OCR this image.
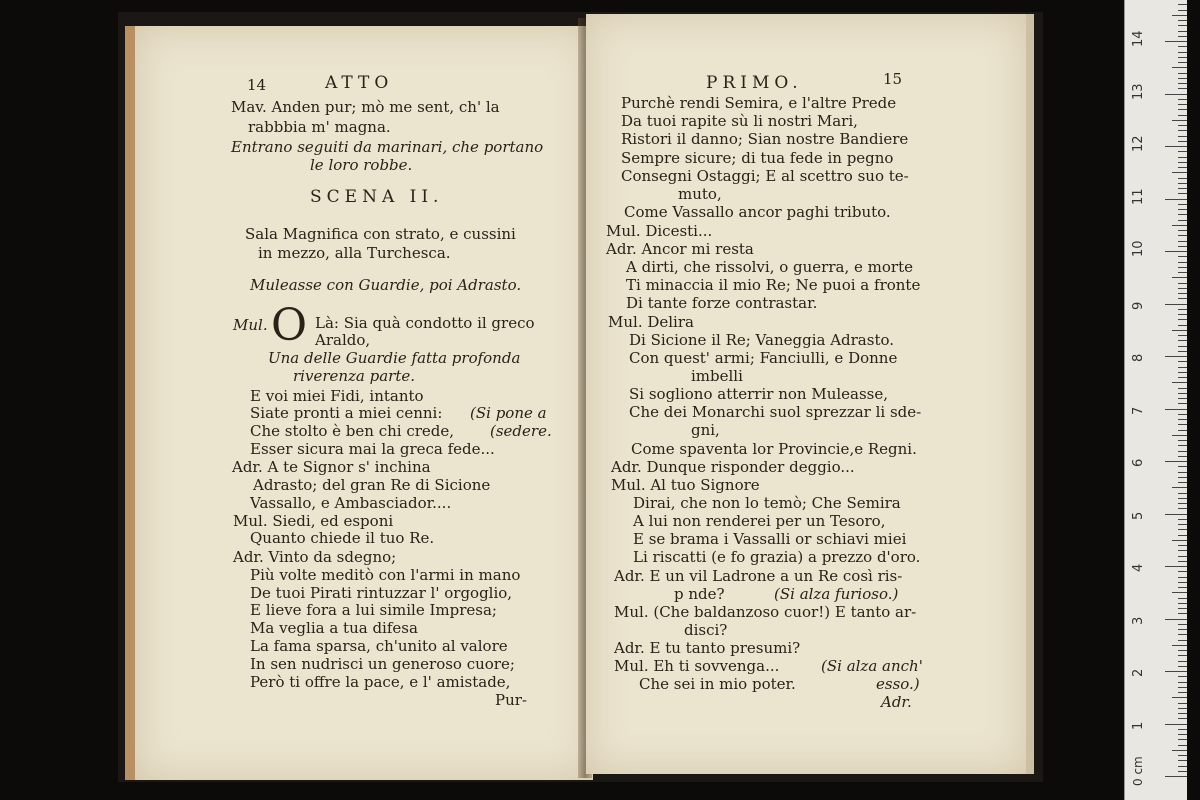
14	ATTO
Mav. Anden pur; mò me sent, ch' la
rabbbia m' magna.
Entrano seguiti da marinari, che portano
le loro robbe.
SCENA II.
Sala Magnifica con strato, e cussini
in mezzo, alla Turchesca.
Muleasse con Guardie, poi Adrasto.
Mul. O Là: Sia quà condotto il greco
Araldo,
Una delle Guardie fatta profonda
riverenza parte.
E voi miei Fidi, intanto
Siate pronti a miei cenni: (Si pone a
Che stolto è ben chi crede, (sedere.
Esser sicura mai la greca fede...
Adr. A te Signor s' inchina
Adrasto; del gran Re di Sicione
Vassallo, e Ambasciador....
Mul. Siedi, ed esponi
Quanto chiede il tuo Re.
Adr. Vinto da sdegno;
Più volte meditò con l'armi in mano
De tuoi Pirati rintuzzar l' orgoglio,
E lieve fora a lui simile Impresa;
Ma veglia a tua difesa
La fama sparsa, ch'unito al valore
In sen nudrisci un generoso cuore;
Però ti offre la pace, e l' amistade,
Pur-
PRIMO.	15
Purchè rendi Semira, e l'altre Prede
Da tuoi rapite sù li nostri Mari,
Ristori il danno; Sian nostre Bandiere
Sempre sicure; di tua fede in pegno
Consegni Ostaggi; E al scettro suo te-
muto,
Come Vassallo ancor paghi tributo.
Mul. Dicesti...
Adr. Ancor mi resta
A dirti, che rissolvi, o guerra, e morte
Ti minaccia il mio Re; Ne puoi a fronte
Di tante forze contrastar.
Mul. Delira
Di Sicione il Re; Vaneggia Adrasto.
Con quest' armi; Fanciulli, e Donne
imbelli
Si sogliono atterrir non Muleasse,
Che dei Monarchi suol sprezzar li sde-
gni,
Come spaventa lor Provincie,e Regni.
Adr. Dunque risponder deggio...
Mul. Al tuo Signore
Dirai, che non lo temò; Che Semira
A lui non renderei per un Tesoro,
E se brama i Vassalli or schiavi miei
Li riscatti (e fo grazia) a prezzo d'oro.
Adr. E un vil Ladrone a un Re così ris-
p nde?	(Si alza furioso.)
Mul. (Che baldanzoso cuor!) E tanto ar-
disci?
Adr. E tu tanto presumi?
Mul. Eh ti sovvenga...	(Si alza anch'
Che sei in mio poter.	esso.)
Adr.
0 cm
1
2
3
4
5
6
7
8
9
10
11
12
13
14
